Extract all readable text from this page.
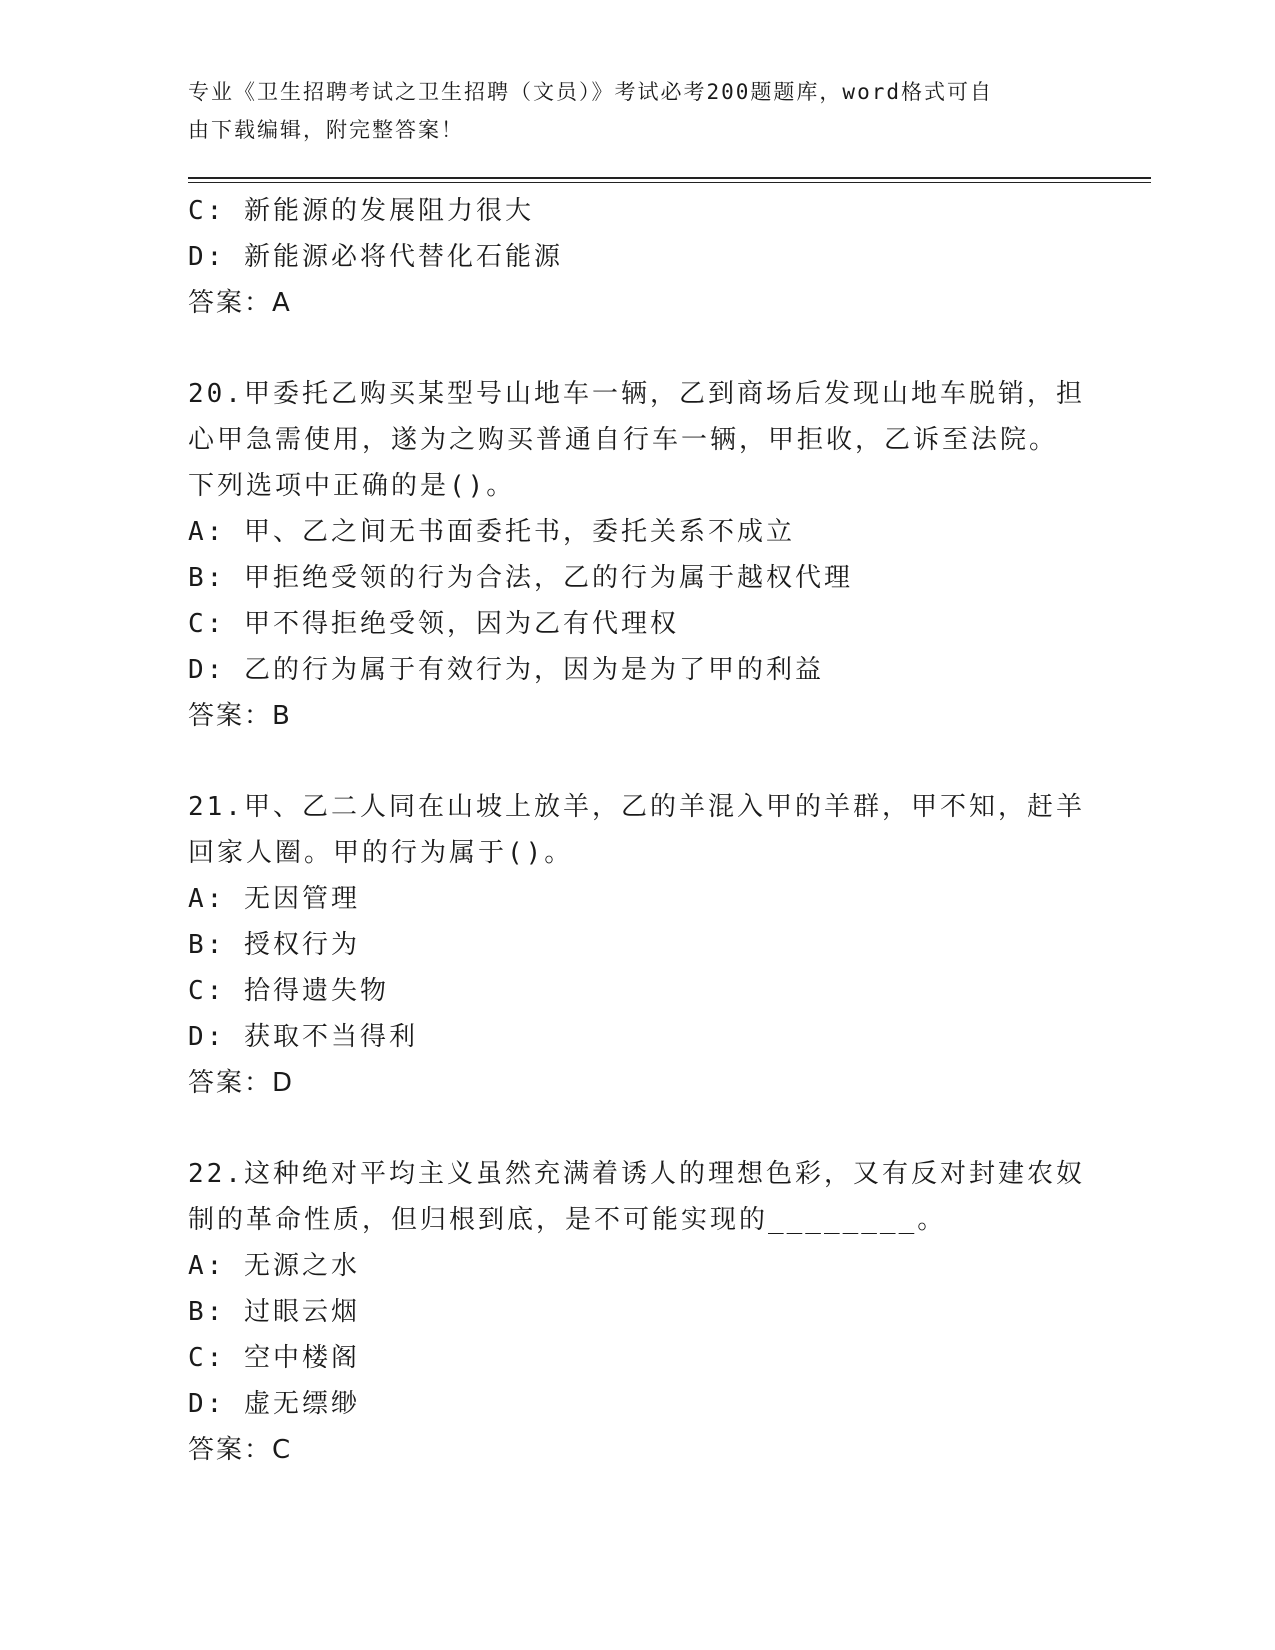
专业《卫生招聘考试之卫生招聘（文员）》考试必考200题题库，word格式可自
由下载编辑，附完整答案！
C: 新能源的发展阻力很大
D: 新能源必将代替化石能源
答案：A
20.甲委托乙购买某型号山地车一辆，乙到商场后发现山地车脱销，担
心甲急需使用，遂为之购买普通自行车一辆，甲拒收，乙诉至法院。
下列选项中正确的是()。
A: 甲、乙之间无书面委托书，委托关系不成立
B: 甲拒绝受领的行为合法，乙的行为属于越权代理
C: 甲不得拒绝受领，因为乙有代理权
D: 乙的行为属于有效行为，因为是为了甲的利益
答案：B
21.甲、乙二人同在山坡上放羊，乙的羊混入甲的羊群，甲不知，赶羊
回家人圈。甲的行为属于()。
A: 无因管理
B: 授权行为
C: 拾得遗失物
D: 获取不当得利
答案：D
22.这种绝对平均主义虽然充满着诱人的理想色彩，又有反对封建农奴
制的革命性质，但归根到底，是不可能实现的________。
A: 无源之水
B: 过眼云烟
C: 空中楼阁
D: 虚无缥缈
答案：C
